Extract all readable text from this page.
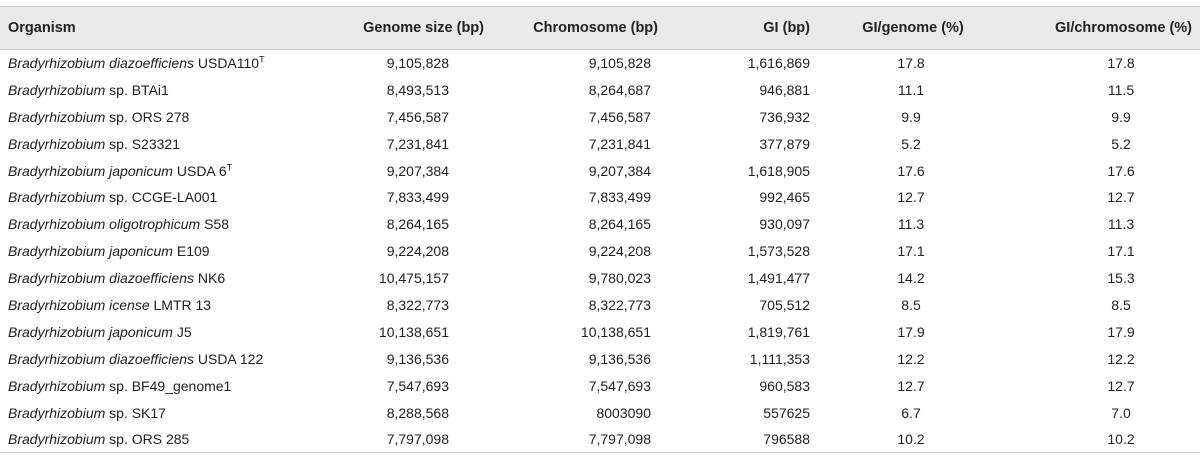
Organism	Genome size (bp)	Chromosome (bp)	GI (bp)	GI/genome (%)	GI/chromosome (%)
Bradyrhizobium diazoefficiens $USDA110^T$	9,105,828	9,105,828	1,616,869	17.8	17.8
Bradyrhizobium sp. BTAi1	8,493,513	8,264,687	946,881	11.1	11.5
Bradyrhizobium sp. ORS 278	7,456,587	7,456,587	736,932	9.9	9.9
Bradyrhizobium sp. S23321	7,231,841	7,231,841	377,879	5.2	5.2
Bradyrhizobium japonicum USDA $6^T$	9,207,384	9,207,384	1,618,905	17.6	17.6
Bradyrhizobium sp. CCGE-LA001	7,833,499	7,833,499	992,465	12.7	12.7
Bradyrhizobium oligotrophicum S58	8,264,165	8,264,165	930,097	11.3	11.3
Bradyrhizobium japonicum E109	9,224,208	9,224,208	1,573,528	17.1	17.1
Bradyrhizobium diazoefficiens NK6	10,475,157	9,780,023	1,491,477	14.2	15.3
Bradyrhizobium icense LMTR 13	8,322,773	8,322,773	705,512	8.5	8.5
Bradyrhizobium japonicum J5	10,138,651	10,138,651	1,819,761	17.9	17.9
Bradyrhizobium diazoefficiens USDA 122	9,136,536	9,136,536	1,111,353	12.2	12.2
Bradyrhizobium sp. BF49_genome1	7,547,693	7,547,693	960,583	12.7	12.7
Bradyrhizobium sp. SK17	8,288,568	8003090	557625	6.7	7.0
Bradyrhizobium sp. ORS 285	7,797,098	7,797,098	796588	10.2	10.2
